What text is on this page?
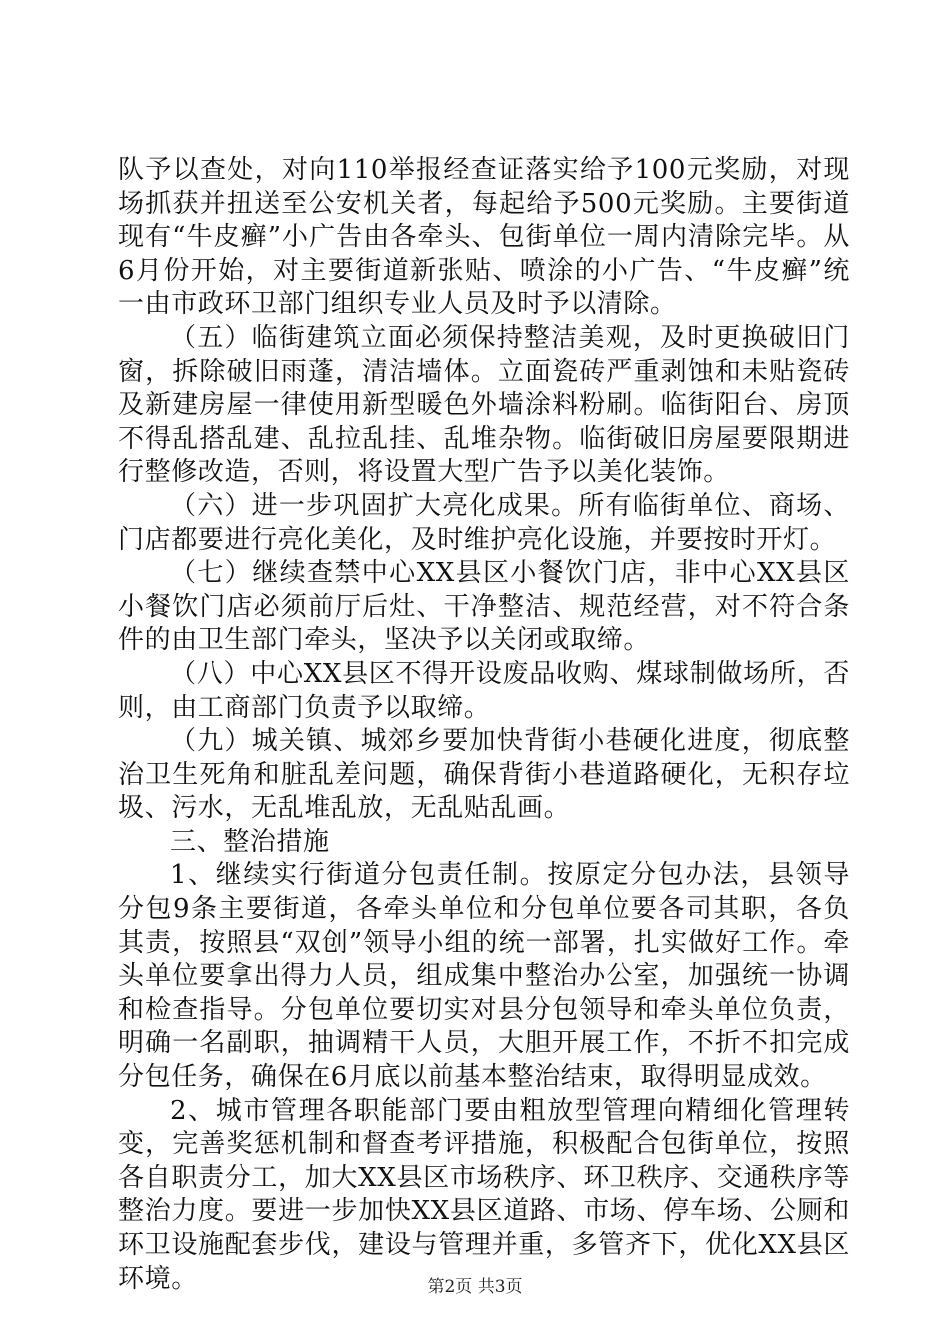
队予以查处，对向110举报经查证落实给予100元奖励，对现场抓获并扭送至公安机关者，每起给予500元奖励。主要街道现有“牛皮癣”小广告由各牵头、包街单位一周内清除完毕。从6月份开始，对主要街道新张贴、喷涂的小广告、“牛皮癣”统一由市政环卫部门组织专业人员及时予以清除。

（五）临街建筑立面必须保持整洁美观，及时更换破旧门窗，拆除破旧雨蓬，清洁墙体。立面瓷砖严重剥蚀和未贴瓷砖及新建房屋一律使用新型暖色外墙涂料粉刷。临街阳台、房顶不得乱搭乱建、乱拉乱挂、乱堆杂物。临街破旧房屋要限期进行整修改造，否则，将设置大型广告予以美化装饰。

（六）进一步巩固扩大亮化成果。所有临街单位、商场、门店都要进行亮化美化，及时维护亮化设施，并要按时开灯。

（七）继续查禁中心XX县区小餐饮门店，非中心XX县区小餐饮门店必须前厅后灶、干净整洁、规范经营，对不符合条件的由卫生部门牵头，坚决予以关闭或取缔。

（八）中心XX县区不得开设废品收购、煤球制做场所，否则，由工商部门负责予以取缔。

（九）城关镇、城郊乡要加快背街小巷硬化进度，彻底整治卫生死角和脏乱差问题，确保背街小巷道路硬化，无积存垃圾、污水，无乱堆乱放，无乱贴乱画。

三、整治措施

1、继续实行街道分包责任制。按原定分包办法，县领导分包9条主要街道，各牵头单位和分包单位要各司其职，各负其责，按照县“双创”领导小组的统一部署，扎实做好工作。牵头单位要拿出得力人员，组成集中整治办公室，加强统一协调和检查指导。分包单位要切实对县分包领导和牵头单位负责，明确一名副职，抽调精干人员，大胆开展工作，不折不扣完成分包任务，确保在6月底以前基本整治结束，取得明显成效。

2、城市管理各职能部门要由粗放型管理向精细化管理转变，完善奖惩机制和督查考评措施，积极配合包街单位，按照各自职责分工，加大XX县区市场秩序、环卫秩序、交通秩序等整治力度。要进一步加快XX县区道路、市场、停车场、公厕和环卫设施配套步伐，建设与管理并重，多管齐下，优化XX县区环境。	第2页 共3页
